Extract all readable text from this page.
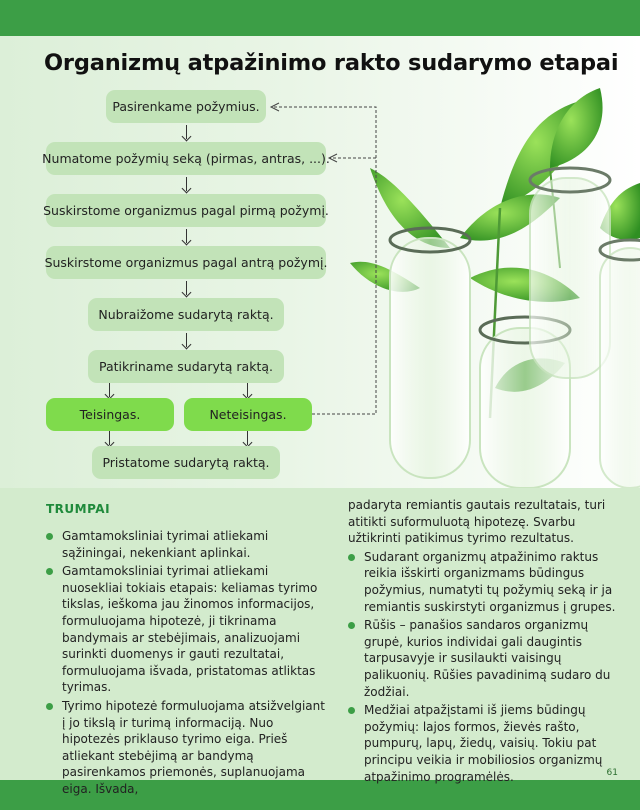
Organizmų atpažinimo rakto sudarymo etapai
Pasirenkame požymius.
Numatome požymių seką (pirmas, antras, ...).
Suskirstome organizmus pagal pirmą požymį.
Suskirstome organizmus pagal antrą požymį.
Nubraižome sudarytą raktą.
Patikriname sudarytą raktą.
Teisingas.	Neteisingas.
Pristatome sudarytą raktą.
TRUMPAI
Gamtamoksliniai tyrimai atliekami sąžiningai, nekenkiant aplinkai.
Gamtamoksliniai tyrimai atliekami nuosekliai tokiais etapais: keliamas tyrimo tikslas, ieškoma jau žinomos informacijos, formuluojama hipotezė, ji tikrinama bandymais ar stebėjimais, analizuojami surinkti duomenys ir gauti rezultatai, formuluojama išvada, pristatomas atliktas tyrimas.
Tyrimo hipotezė formuluojama atsižvelgiant į jo tikslą ir turimą informaciją. Nuo hipotezės priklauso tyrimo eiga. Prieš atliekant stebėjimą ar bandymą pasirenkamos priemonės, suplanuojama eiga. Išvada,
padaryta remiantis gautais rezultatais, turi atitikti suformuluotą hipotezę. Svarbu užtikrinti patikimus tyrimo rezultatus.
Sudarant organizmų atpažinimo raktus reikia išskirti organizmams būdingus požymius, numatyti tų požymių seką ir ja remiantis suskirstyti organizmus į grupes.
Rūšis – panašios sandaros organizmų grupė, kurios individai gali daugintis tarpusavyje ir susilaukti vaisingų palikuonių. Rūšies pavadinimą sudaro du žodžiai.
Medžiai atpažįstami iš jiems būdingų požymių: lajos formos, žievės rašto, pumpurų, lapų, žiedų, vaisių. Tokiu pat principu veikia ir mobiliosios organizmų atpažinimo programėlės.	61
